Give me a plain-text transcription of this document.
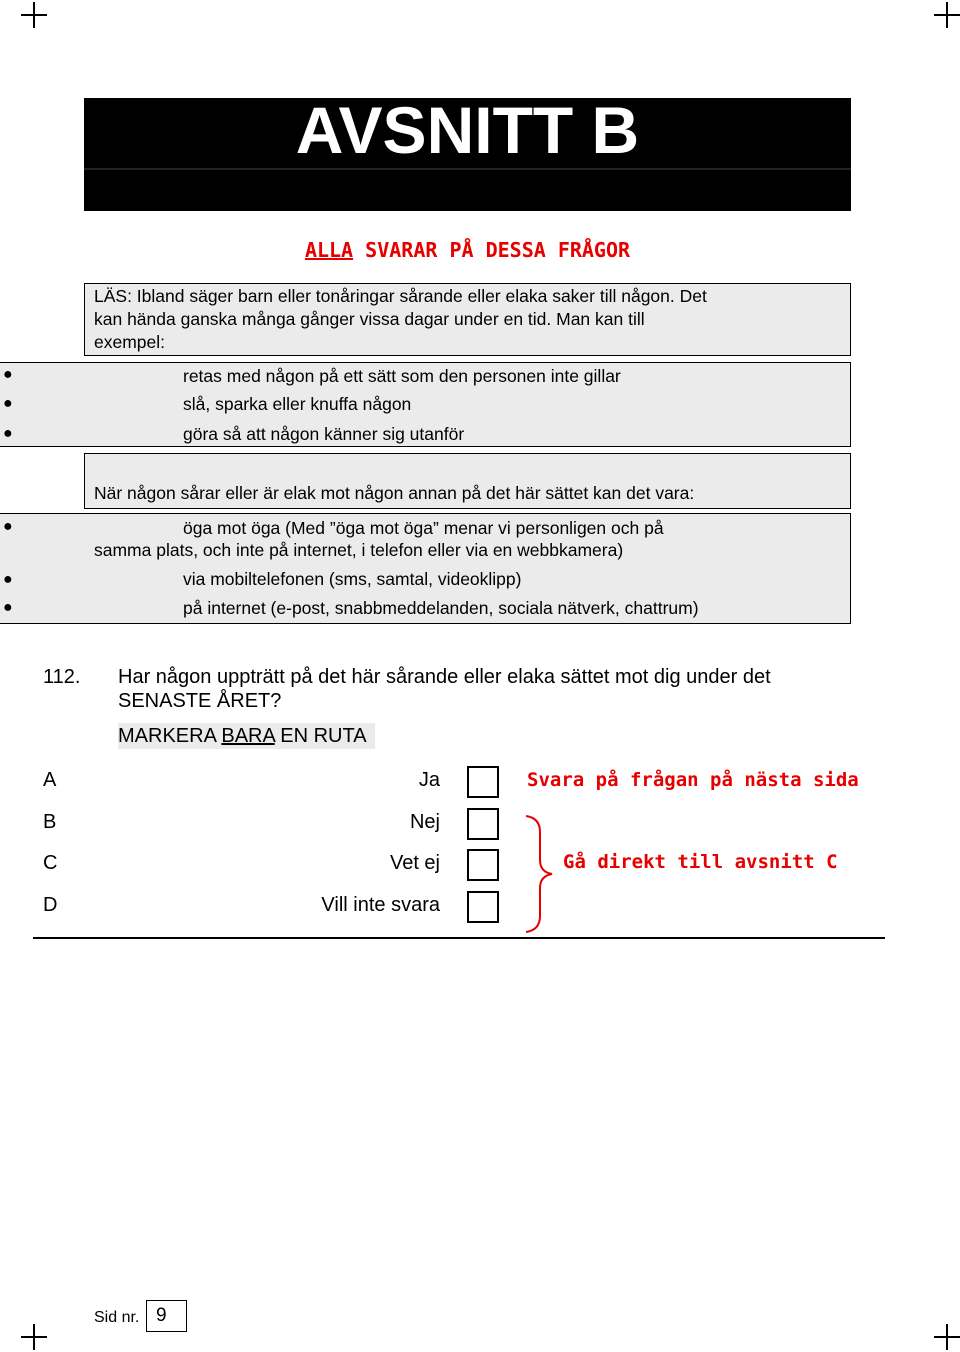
AVSNITT B
ALLA SVARAR PÅ DESSA FRÅGOR
LÄS: Ibland säger barn eller tonåringar sårande eller elaka saker till någon. Det
kan hända ganska många gånger vissa dagar under en tid. Man kan till
exempel:
●	retas med någon på ett sätt som den personen inte gillar
●	slå, sparka eller knuffa någon
●	göra så att någon känner sig utanför
När någon sårar eller är elak mot någon annan på det här sättet kan det vara:
●	öga mot öga (Med ”öga mot öga” menar vi personligen och på
samma plats, och inte på internet, i telefon eller via en webbkamera)
●	via mobiltelefonen (sms, samtal, videoklipp)
●	på internet (e-post, snabbmeddelanden, sociala nätverk, chattrum)
112. Har någon uppträtt på det här sårande eller elaka sättet mot dig under det
SENASTE ÅRET?
MARKERA BARA EN RUTA
A	Ja
B	Nej
C	Vet ej
D	Vill inte svara
Svara på frågan på nästa sida
Gå direkt till avsnitt C
Sid nr. 9
